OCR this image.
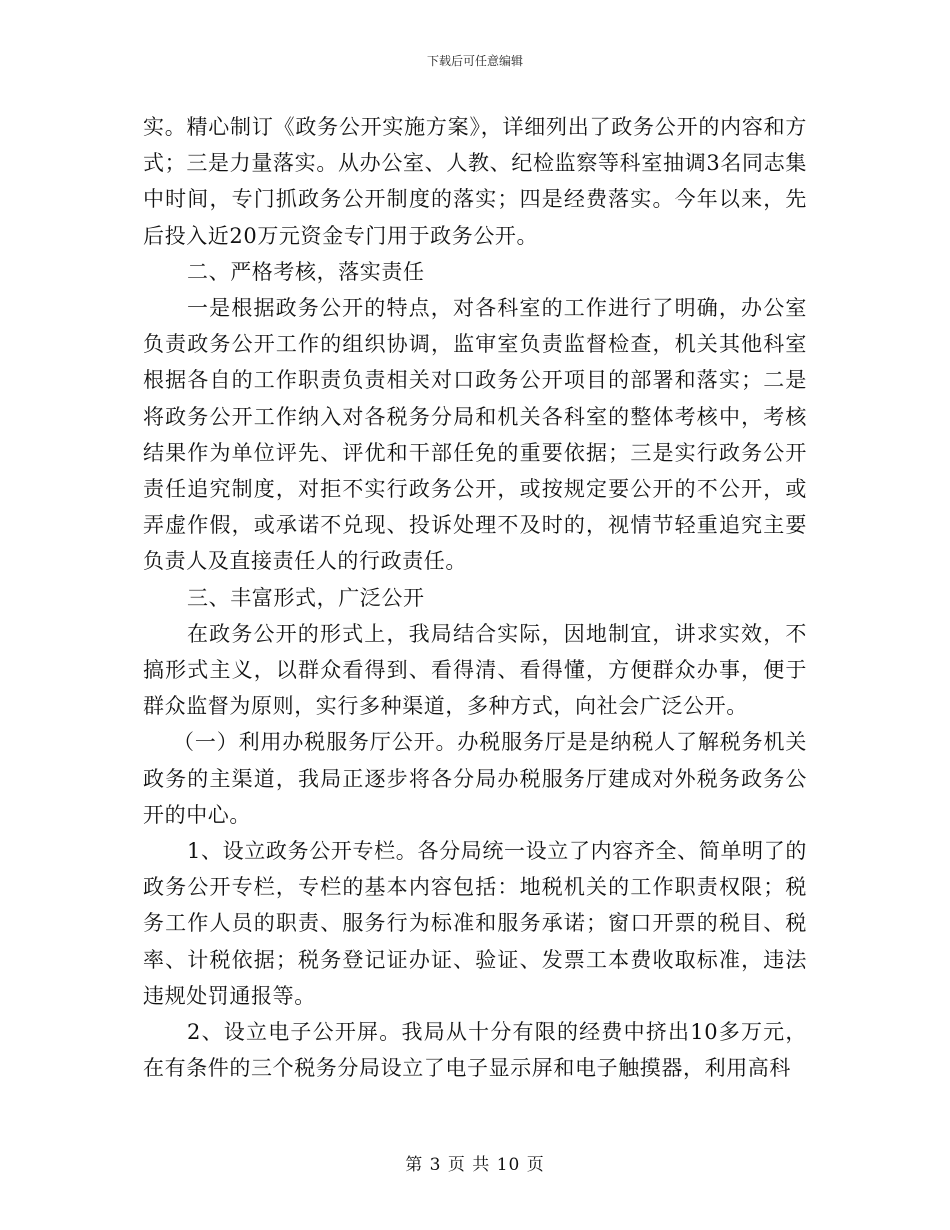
下载后可任意编辑

实。精心制订《政务公开实施方案》，详细列出了政务公开的内容和方式；三是力量落实。从办公室、人教、纪检监察等科室抽调3名同志集中时间，专门抓政务公开制度的落实；四是经费落实。今年以来，先后投入近20万元资金专门用于政务公开。

二、严格考核，落实责任

一是根据政务公开的特点，对各科室的工作进行了明确，办公室负责政务公开工作的组织协调，监审室负责监督检查，机关其他科室根据各自的工作职责负责相关对口政务公开项目的部署和落实；二是将政务公开工作纳入对各税务分局和机关各科室的整体考核中，考核结果作为单位评先、评优和干部任免的重要依据；三是实行政务公开责任追究制度，对拒不实行政务公开，或按规定要公开的不公开，或弄虚作假，或承诺不兑现、投诉处理不及时的，视情节轻重追究主要负责人及直接责任人的行政责任。

三、丰富形式，广泛公开

在政务公开的形式上，我局结合实际，因地制宜，讲求实效，不搞形式主义，以群众看得到、看得清、看得懂，方便群众办事，便于群众监督为原则，实行多种渠道，多种方式，向社会广泛公开。

（一）利用办税服务厅公开。办税服务厅是是纳税人了解税务机关政务的主渠道，我局正逐步将各分局办税服务厅建成对外税务政务公开的中心。

1、设立政务公开专栏。各分局统一设立了内容齐全、简单明了的政务公开专栏，专栏的基本内容包括：地税机关的工作职责权限；税务工作人员的职责、服务行为标准和服务承诺；窗口开票的税目、税率、计税依据；税务登记证办证、验证、发票工本费收取标准，违法违规处罚通报等。

2、设立电子公开屏。我局从十分有限的经费中挤出10多万元，在有条件的三个税务分局设立了电子显示屏和电子触摸器，利用高科

第 3 页 共 10 页
